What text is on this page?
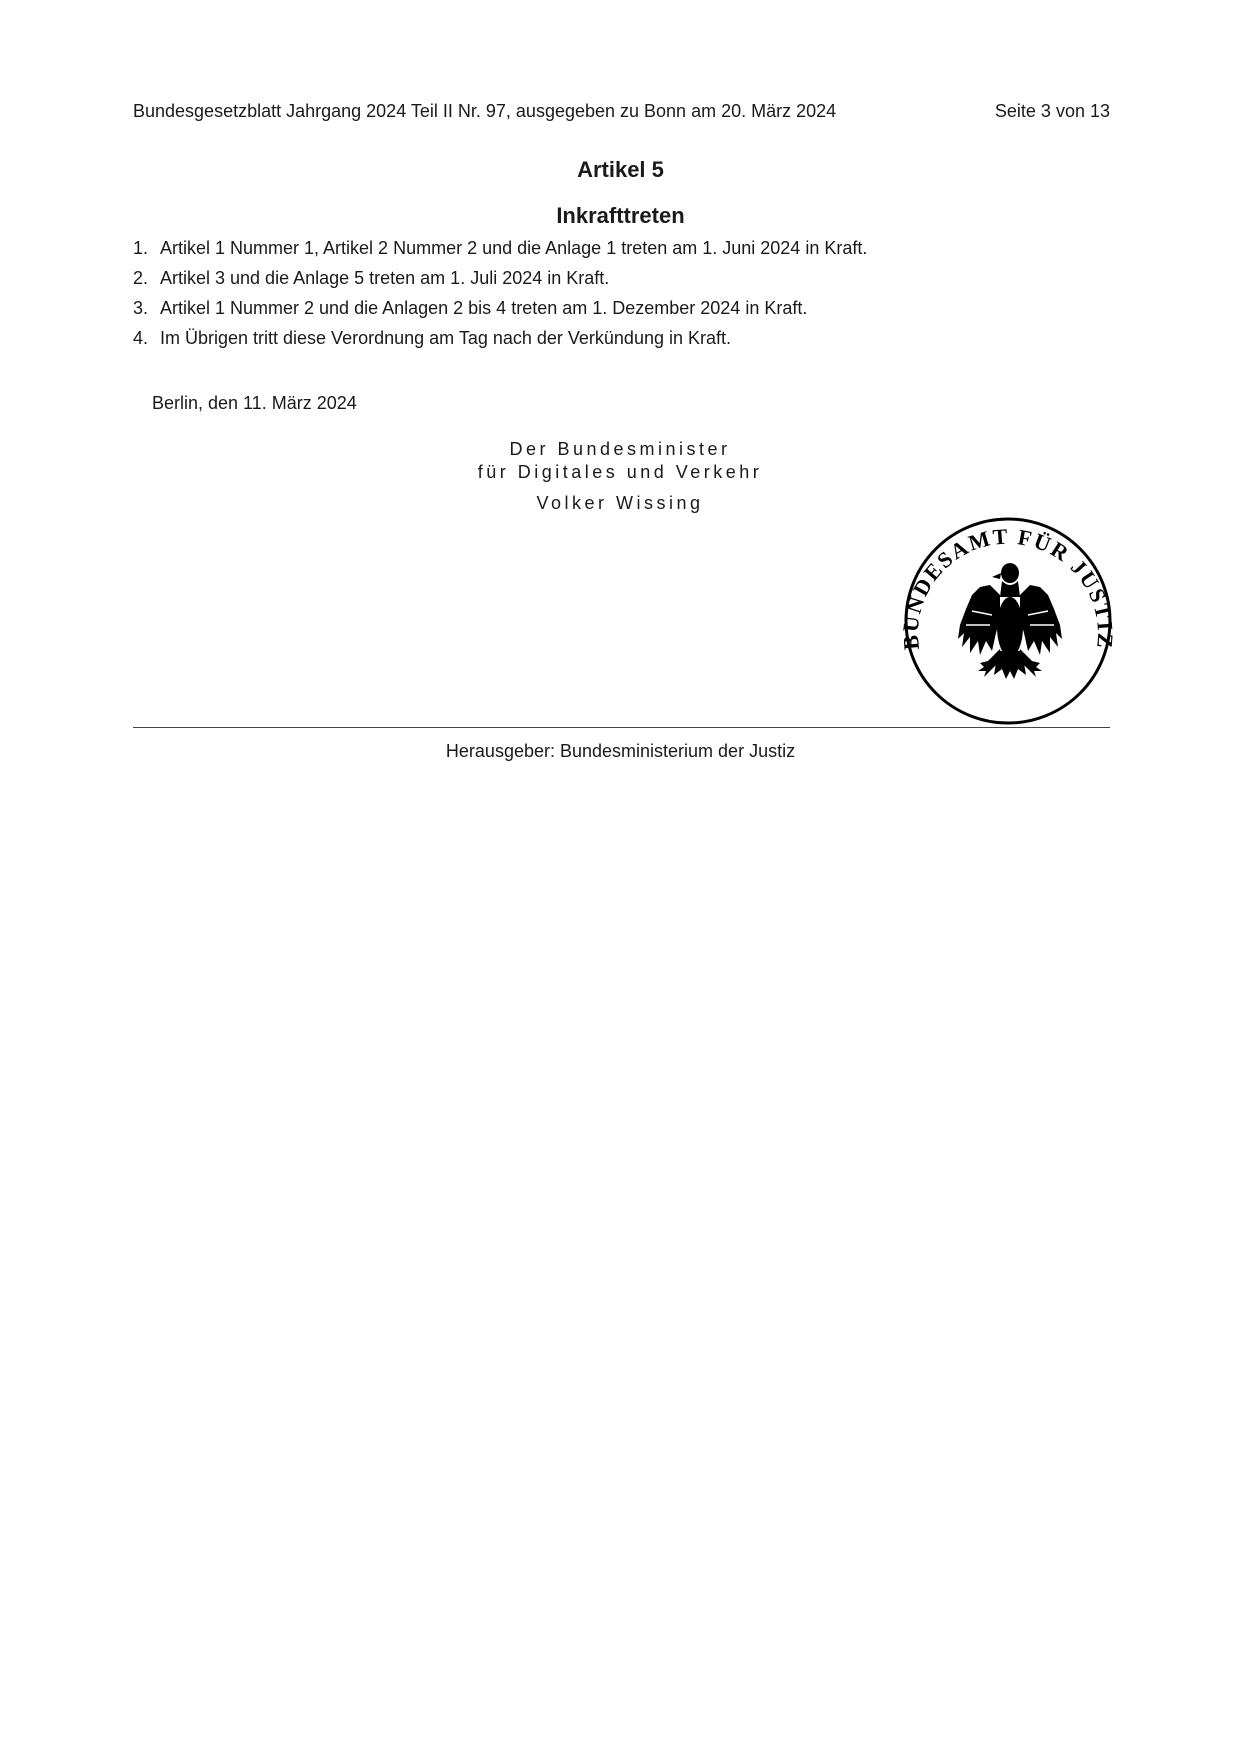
Bundesgesetzblatt Jahrgang 2024 Teil II Nr. 97, ausgegeben zu Bonn am 20. März 2024	Seite 3 von 13
Artikel 5
Inkrafttreten
1. Artikel 1 Nummer 1, Artikel 2 Nummer 2 und die Anlage 1 treten am 1. Juni 2024 in Kraft.
2. Artikel 3 und die Anlage 5 treten am 1. Juli 2024 in Kraft.
3. Artikel 1 Nummer 2 und die Anlagen 2 bis 4 treten am 1. Dezember 2024 in Kraft.
4. Im Übrigen tritt diese Verordnung am Tag nach der Verkündung in Kraft.
Berlin, den 11. März 2024
Der Bundesminister
für Digitales und Verkehr
Volker Wissing
NDESAMT FÜR JUS
Herausgeber: Bundesministerium der Justiz
